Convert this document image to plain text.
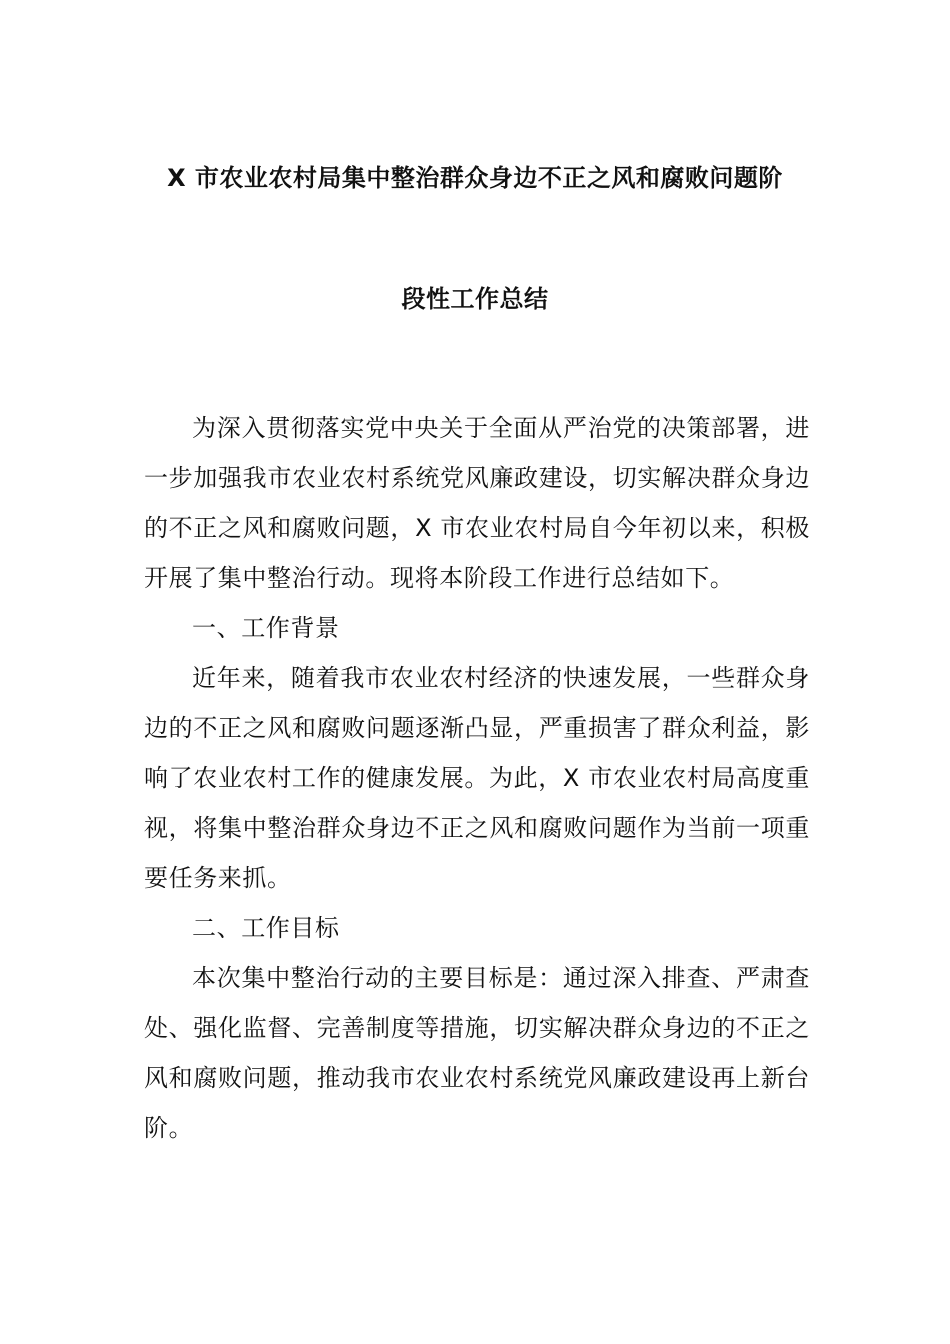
X 市农业农村局集中整治群众身边不正之风和腐败问题阶
段性工作总结

为深入贯彻落实党中央关于全面从严治党的决策部署，进一步加强我市农业农村系统党风廉政建设，切实解决群众身边的不正之风和腐败问题，X 市农业农村局自今年初以来，积极开展了集中整治行动。现将本阶段工作进行总结如下。

一、工作背景

近年来，随着我市农业农村经济的快速发展，一些群众身边的不正之风和腐败问题逐渐凸显，严重损害了群众利益，影响了农业农村工作的健康发展。为此，X 市农业农村局高度重视，将集中整治群众身边不正之风和腐败问题作为当前一项重要任务来抓。

二、工作目标

本次集中整治行动的主要目标是：通过深入排查、严肃查处、强化监督、完善制度等措施，切实解决群众身边的不正之风和腐败问题，推动我市农业农村系统党风廉政建设再上新台阶。
